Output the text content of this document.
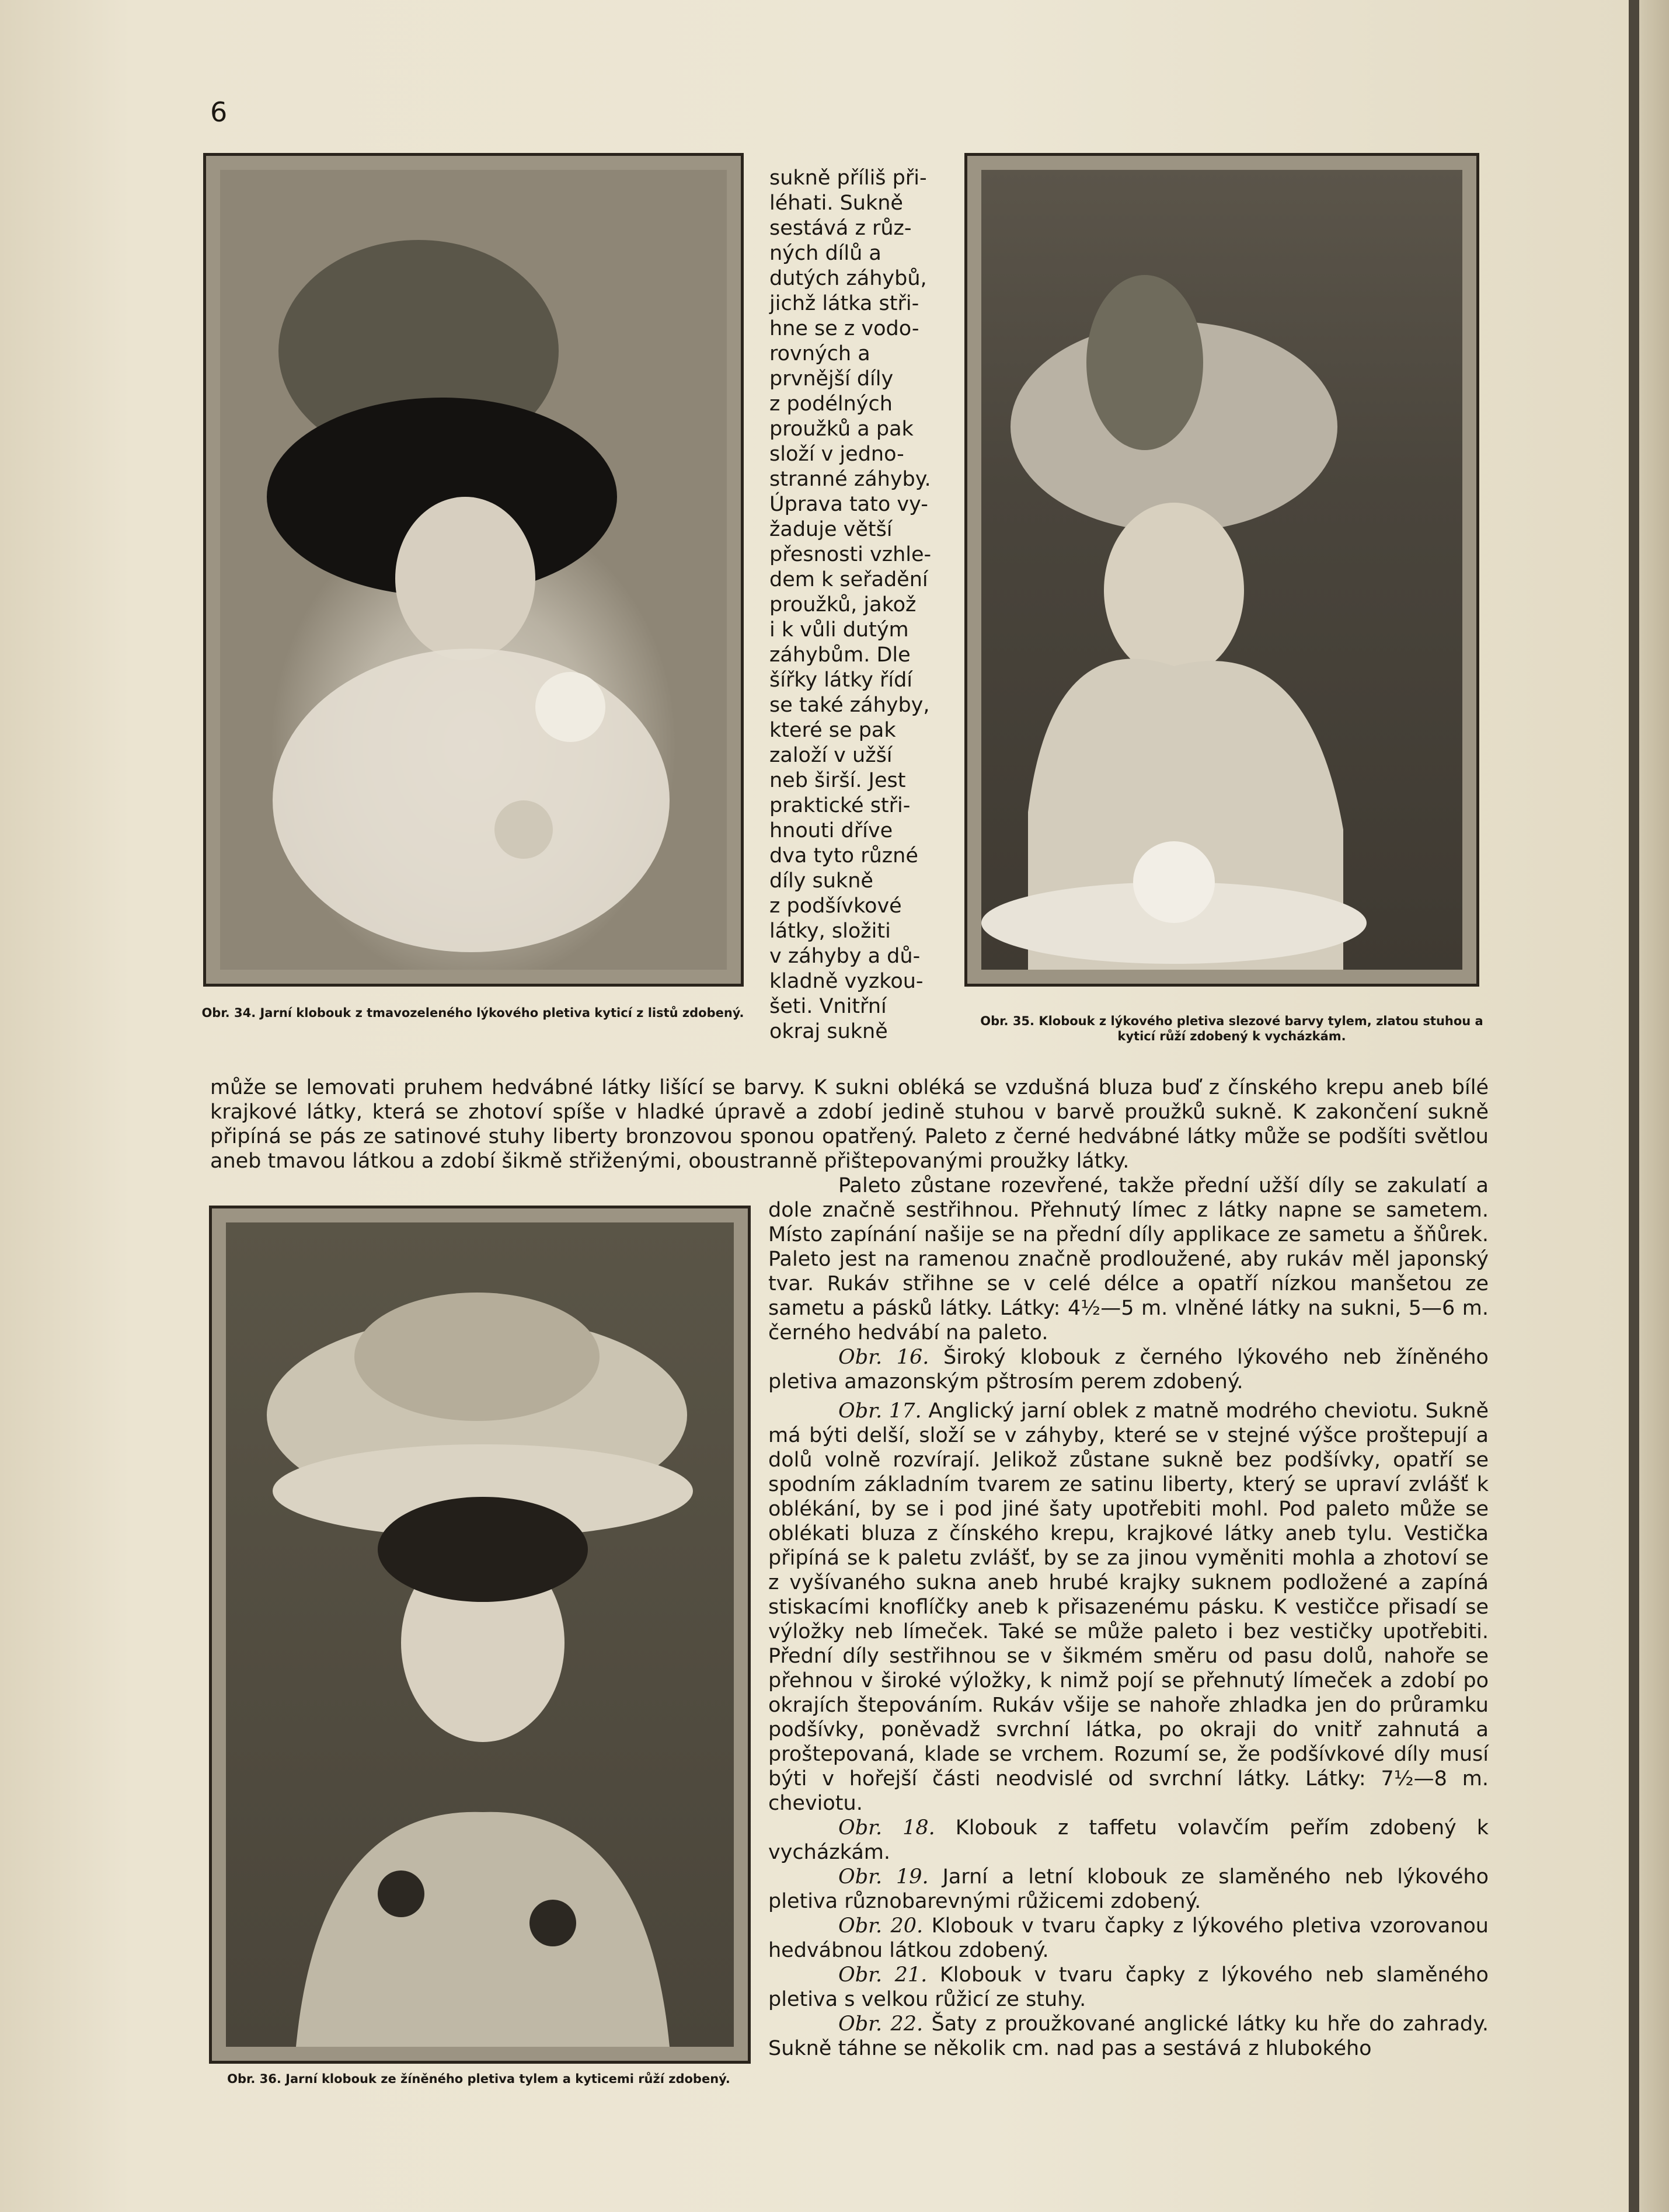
6
Obr. 34. Jarní klobouk z tmavozeleného lýkového pletiva kyticí z listů zdobený.
Obr. 35. Klobouk z lýkového pletiva slezové barvy tylem, zlatou stuhou a kyticí růží zdobený k vycházkám.
Obr. 36. Jarní klobouk ze žíněného pletiva tylem a kyticemi růží zdobený.

sukně příliš při-

léhati. Sukně

sestává z růz-

ných dílů a

dutých záhybů,

jichž látka stři-

hne se z vodo-

rovných a

prvnější díly

z podélných

proužků a pak

složí v jedno-

stranné záhyby.

Úprava tato vy-

žaduje větší

přesnosti vzhle-

dem k seřadění

proužků, jakož

i k vůli dutým

záhybům. Dle

šířky látky řídí

se také záhyby,

které se pak

založí v užší

neb širší. Jest

praktické stři-

hnouti dříve

dva tyto různé

díly sukně

z podšívkové

látky, složiti

v záhyby a dů-

kladně vyzkou-

šeti. Vnitřní

okraj sukně

může se lemovati pruhem hedvábné látky lišící se barvy. K sukni obléká se vzdušná bluza buď z čínského krepu aneb bílé krajkové látky, která se zhotoví spíše v hladké úpravě a zdobí jedině stuhou v barvě proužků sukně. K zakončení sukně připíná se pás ze satinové stuhy liberty bronzovou sponou opatřený. Paleto z černé hedvábné látky může se podšíti světlou aneb tmavou látkou a zdobí šikmě střiženými, oboustranně přištepovanými proužky látky.

Paleto zůstane rozevřené, takže přední užší díly se zakulatí a dole značně sestřihnou. Přehnutý límec z látky napne se sametem. Místo zapínání našije se na přední díly applikace ze sametu a šňůrek. Paleto jest na ramenou značně prodloužené, aby rukáv měl japonský tvar. Rukáv střihne se v celé délce a opatří nízkou manšetou ze sametu a pásků látky. Látky: 4½—5 m. vlněné látky na sukni, 5—6 m. černého hedvábí na paleto.

Obr. 16. Široký klobouk z černého lýkového neb žíněného pletiva amazonským pštrosím perem zdobený.

Obr. 17. Anglický jarní oblek z matně modrého cheviotu. Sukně má býti delší, složí se v záhyby, které se v stejné výšce proštepují a dolů volně rozvírají. Jelikož zůstane sukně bez podšívky, opatří se spodním základním tvarem ze satinu liberty, který se upraví zvlášť k oblékání, by se i pod jiné šaty upotřebiti mohl. Pod paleto může se oblékati bluza z čínského krepu, krajkové látky aneb tylu. Vestička připíná se k paletu zvlášť, by se za jinou vyměniti mohla a zhotoví se z vyšívaného sukna aneb hrubé krajky suknem podložené a zapíná stiskacími knoflíčky aneb k přisazenému pásku. K vestičce přisadí se výložky neb límeček. Také se může paleto i bez vestičky upotřebiti. Přední díly sestřihnou se v šikmém směru od pasu dolů, nahoře se přehnou v široké výložky, k nimž pojí se přehnutý límeček a zdobí po okrajích štepováním. Rukáv všije se nahoře zhladka jen do průramku podšívky, poněvadž svrchní látka, po okraji do vnitř zahnutá a proštepovaná, klade se vrchem. Rozumí se, že podšívkové díly musí býti v hořejší části neodvislé od svrchní látky. Látky: 7½—8 m. cheviotu.

Obr. 18. Klobouk z taffetu volavčím peřím zdobený k vycházkám.

Obr. 19. Jarní a letní klobouk ze slaměného neb lýkového pletiva různobarevnými růžicemi zdobený.

Obr. 20. Klobouk v tvaru čapky z lýkového pletiva vzorovanou hedvábnou látkou zdobený.

Obr. 21. Klobouk v tvaru čapky z lýkového neb slaměného pletiva s velkou růžicí ze stuhy.

Obr. 22. Šaty z proužkované anglické látky ku hře do zahrady. Sukně táhne se několik cm. nad pas a sestává z hlubokého
